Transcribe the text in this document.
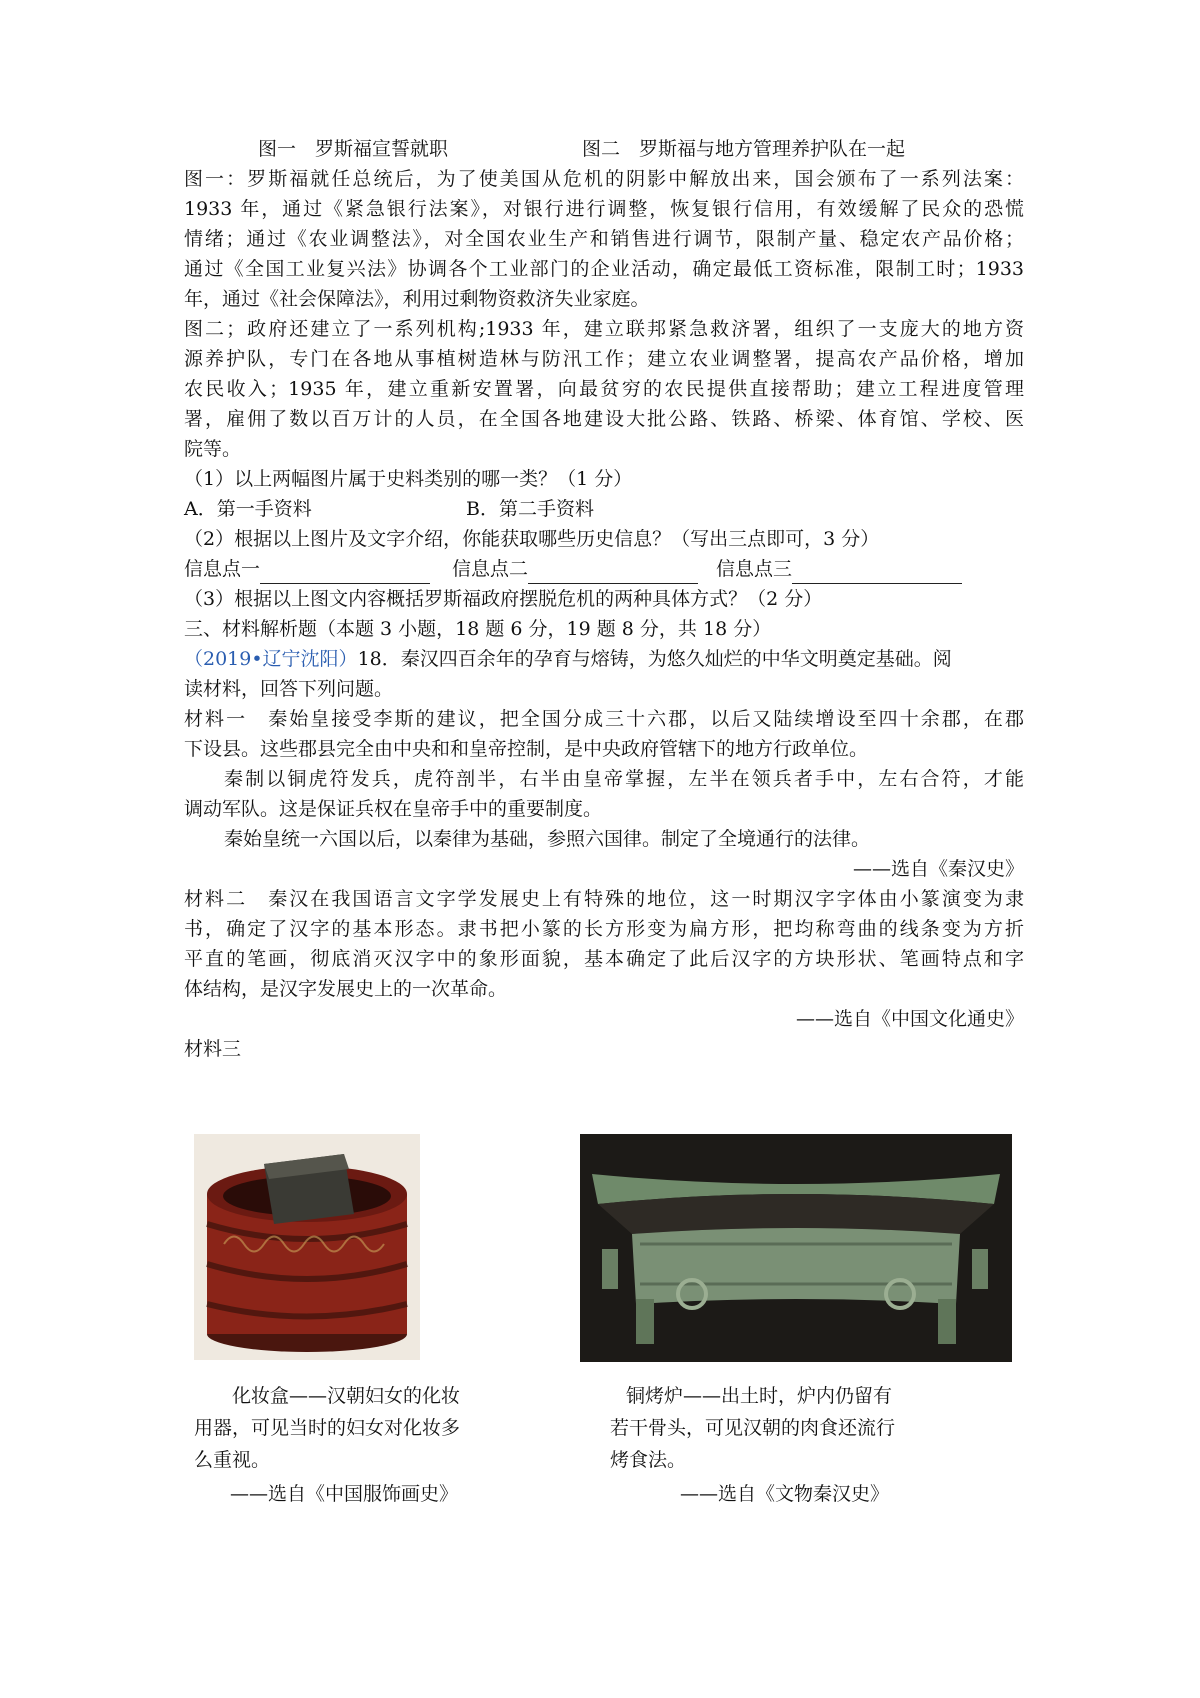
图一　罗斯福宣誓就职	图二　罗斯福与地方管理养护队在一起
图一：罗斯福就任总统后，为了使美国从危机的阴影中解放出来，国会颁布了一系列法案：
1933 年，通过《紧急银行法案》，对银行进行调整，恢复银行信用，有效缓解了民众的恐慌
情绪；通过《农业调整法》，对全国农业生产和销售进行调节，限制产量、稳定农产品价格；
通过《全国工业复兴法》协调各个工业部门的企业活动，确定最低工资标准，限制工时；1933
年，通过《社会保障法》，利用过剩物资救济失业家庭。
图二；政府还建立了一系列机构;1933 年，建立联邦紧急救济署，组织了一支庞大的地方资
源养护队，专门在各地从事植树造林与防汛工作；建立农业调整署，提高农产品价格，增加
农民收入；1935 年，建立重新安置署，向最贫穷的农民提供直接帮助；建立工程进度管理
署，雇佣了数以百万计的人员，在全国各地建设大批公路、铁路、桥梁、体育馆、学校、医
院等。
（1）以上两幅图片属于史料类别的哪一类？（1 分）
A．第一手资料	B．第二手资料
（2）根据以上图片及文字介绍，你能获取哪些历史信息？（写出三点即可，3 分）
信息点一	信息点二	信息点三
（3）根据以上图文内容概括罗斯福政府摆脱危机的两种具体方式？（2 分）
三、材料解析题（本题 3 小题，18 题 6 分，19 题 8 分，共 18 分）
（2019•辽宁沈阳）18．秦汉四百余年的孕育与熔铸，为悠久灿烂的中华文明奠定基础。阅
读材料，回答下列问题。
材料一　秦始皇接受李斯的建议，把全国分成三十六郡，以后又陆续增设至四十余郡，在郡
下设县。这些郡县完全由中央和和皇帝控制，是中央政府管辖下的地方行政单位。
秦制以铜虎符发兵，虎符剖半，右半由皇帝掌握，左半在领兵者手中，左右合符，才能
调动军队。这是保证兵权在皇帝手中的重要制度。
秦始皇统一六国以后，以秦律为基础，参照六国律。制定了全境通行的法律。
——选自《秦汉史》
材料二　秦汉在我国语言文字学发展史上有特殊的地位，这一时期汉字字体由小篆演变为隶
书，确定了汉字的基本形态。隶书把小篆的长方形变为扁方形，把均称弯曲的线条变为方折
平直的笔画，彻底消灭汉字中的象形面貌，基本确定了此后汉字的方块形状、笔画特点和字
体结构，是汉字发展史上的一次革命。
——选自《中国文化通史》
材料三
化妆盒——汉朝妇女的化妆
用器，可见当时的妇女对化妆多
么重视。
——选自《中国服饰画史》
铜烤炉——出土时，炉内仍留有
若干骨头，可见汉朝的肉食还流行
烤食法。
——选自《文物秦汉史》
